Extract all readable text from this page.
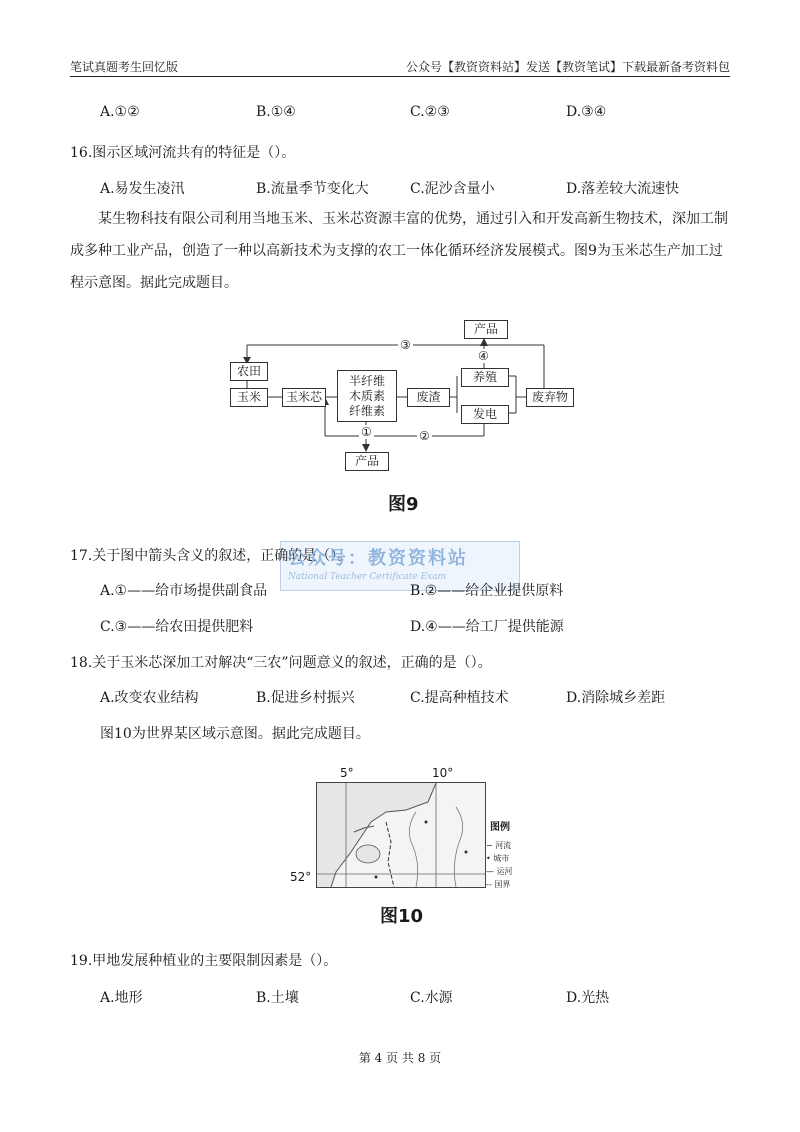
笔试真题考生回忆版	公众号【教资资料站】发送【教资笔试】下载最新备考资料包
A.①②	B.①④	C.②③	D.③④
16.图示区域河流共有的特征是（）。
A.易发生凌汛	B.流量季节变化大	C.泥沙含量小	D.落差较大流速快
某生物科技有限公司利用当地玉米、玉米芯资源丰富的优势，通过引入和开发高新生物技术，深加工制成多种工业产品，创造了一种以高新技术为支撑的农工一体化循环经济发展模式。图9为玉米芯生产加工过程示意图。据此完成题目。
农田
玉米	玉米芯
半纤维
木质素
纤维素
废渣
养殖
发电
废弃物
产品
产品
③
④
①	②
图9
17.关于图中箭头含义的叙述，正确的是（）。
公众号：教资资料站
National Teacher Certificate Exam
A.①——给市场提供副食品	B.②——给企业提供原料
C.③——给农田提供肥料	D.④——给工厂提供能源
18.关于玉米芯深加工对解决“三农”问题意义的叙述，正确的是（）。
A.改变农业结构	B.促进乡村振兴	C.提高种植技术	D.消除城乡差距
图10为世界某区域示意图。据此完成题目。
5°	10°
52°
图例
∽ 河流
• 城市
— 运河
-- 国界
图10
19.甲地发展种植业的主要限制因素是（）。
A.地形	B.土壤	C.水源	D.光热
第 4 页 共 8 页
